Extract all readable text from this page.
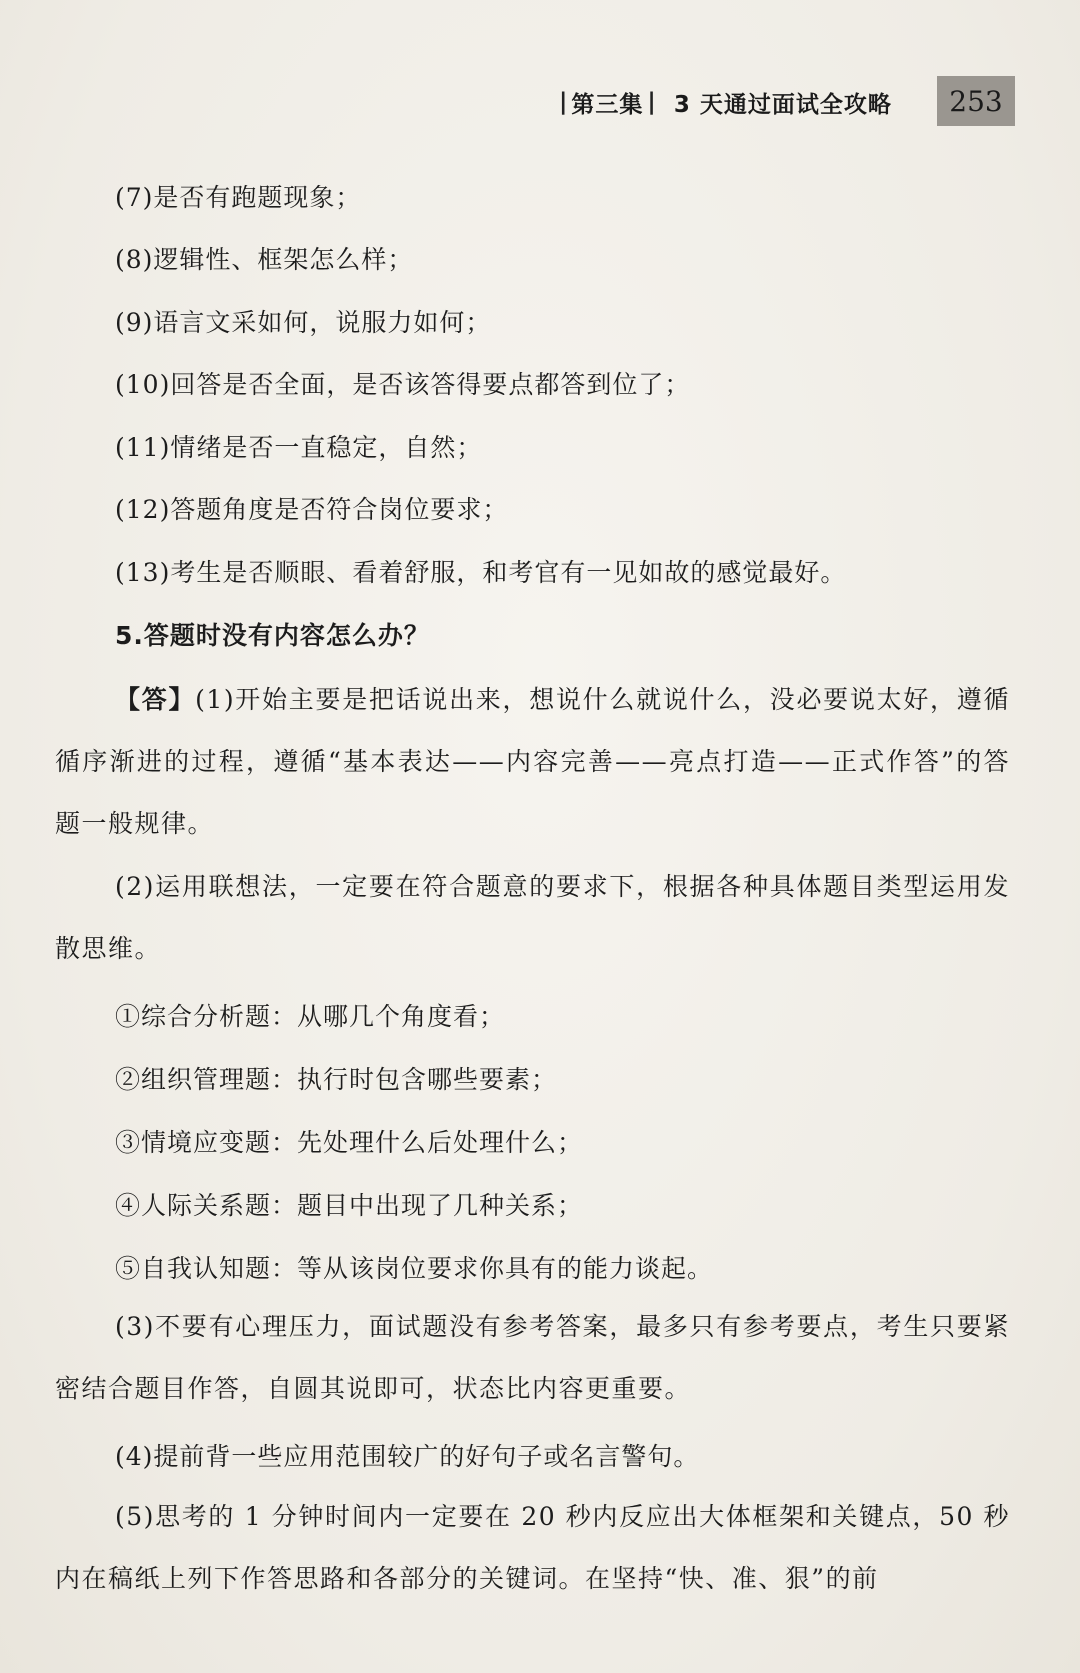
| 第三集 | 3 天通过面试全攻略	253
(7)是否有跑题现象；
(8)逻辑性、框架怎么样；
(9)语言文采如何，说服力如何；
(10)回答是否全面，是否该答得要点都答到位了；
(11)情绪是否一直稳定，自然；
(12)答题角度是否符合岗位要求；
(13)考生是否顺眼、看着舒服，和考官有一见如故的感觉最好。
5.答题时没有内容怎么办？
【答】(1)开始主要是把话说出来，想说什么就说什么，没必要说太好，遵循循序渐进的过程，遵循“基本表达——内容完善——亮点打造——正式作答”的答题一般规律。
(2)运用联想法，一定要在符合题意的要求下，根据各种具体题目类型运用发散思维。
①综合分析题：从哪几个角度看；
②组织管理题：执行时包含哪些要素；
③情境应变题：先处理什么后处理什么；
④人际关系题：题目中出现了几种关系；
⑤自我认知题：等从该岗位要求你具有的能力谈起。
(3)不要有心理压力，面试题没有参考答案，最多只有参考要点，考生只要紧密结合题目作答，自圆其说即可，状态比内容更重要。
(4)提前背一些应用范围较广的好句子或名言警句。
(5)思考的 1 分钟时间内一定要在 20 秒内反应出大体框架和关键点，50 秒内在稿纸上列下作答思路和各部分的关键词。在坚持“快、准、狠”的前
